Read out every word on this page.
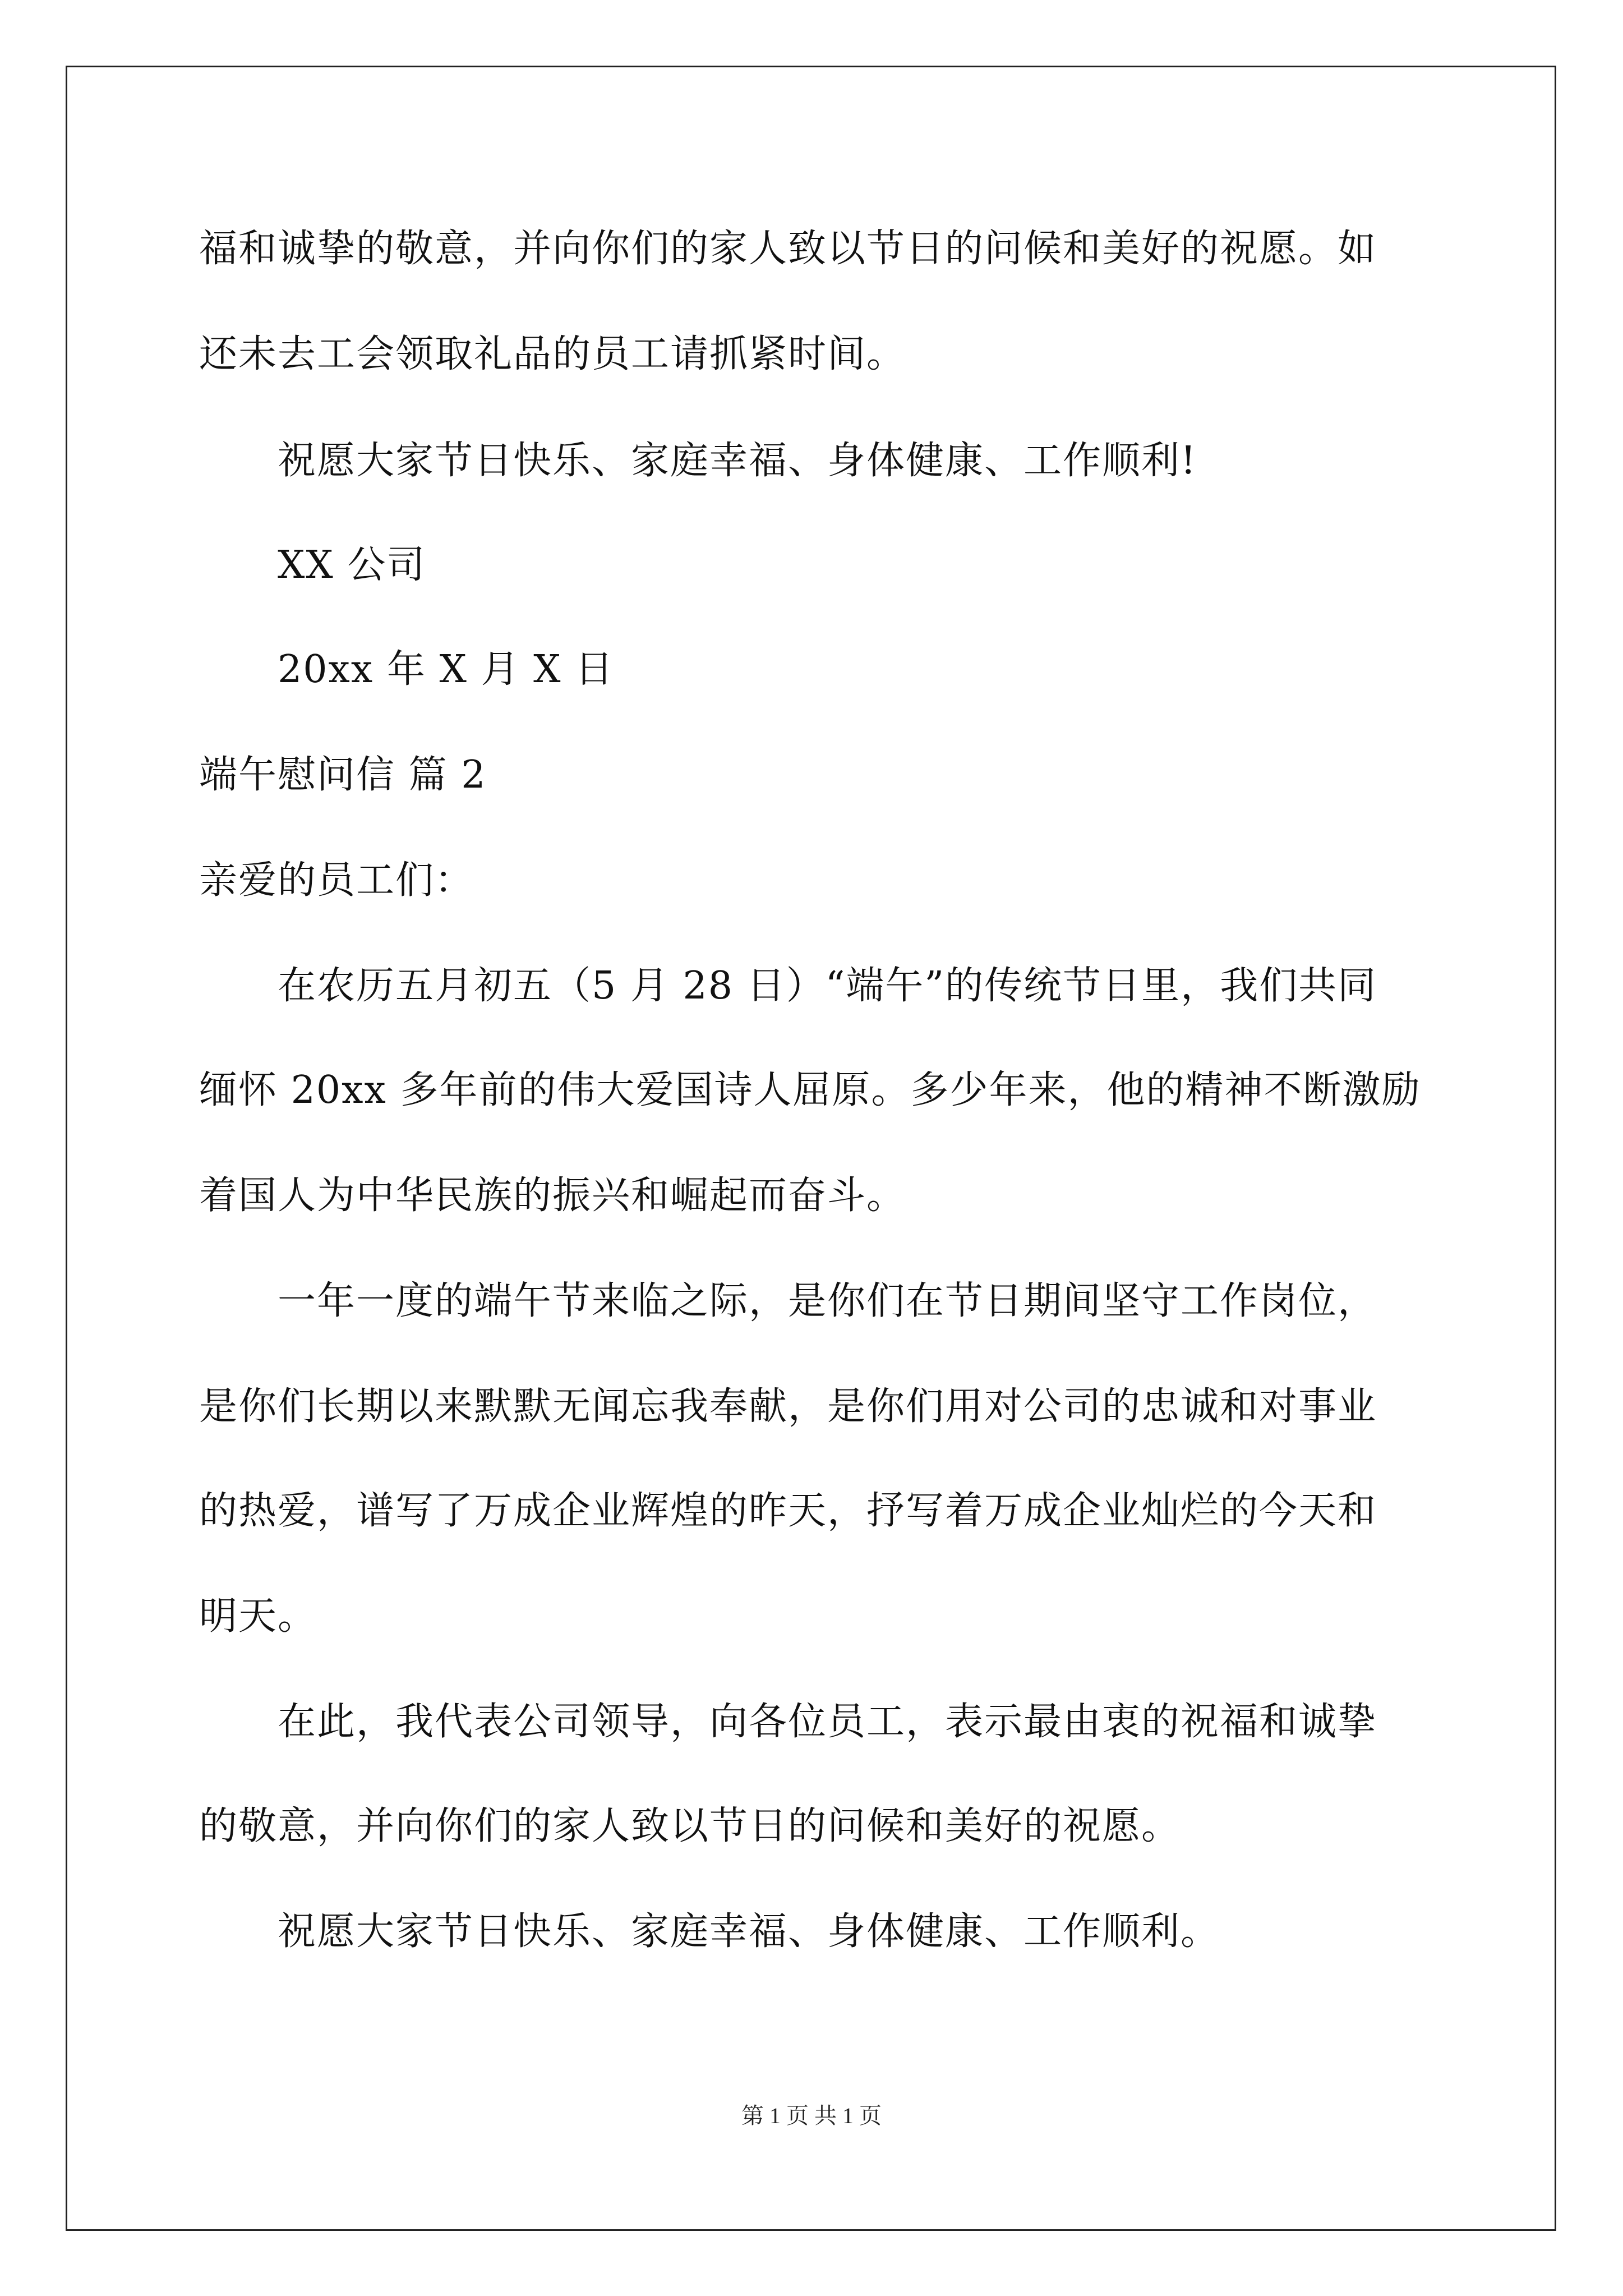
福和诚挚的敬意，并向你们的家人致以节日的问候和美好的祝愿。如
还未去工会领取礼品的员工请抓紧时间。
祝愿大家节日快乐、家庭幸福、身体健康、工作顺利!
XX 公司
20xx 年 X 月 X 日
端午慰问信 篇 2
亲爱的员工们：
在农历五月初五（5 月 28 日）“端午”的传统节日里，我们共同
缅怀 20xx 多年前的伟大爱国诗人屈原。多少年来，他的精神不断激励
着国人为中华民族的振兴和崛起而奋斗。
一年一度的端午节来临之际，是你们在节日期间坚守工作岗位，
是你们长期以来默默无闻忘我奉献，是你们用对公司的忠诚和对事业
的热爱，谱写了万成企业辉煌的昨天，抒写着万成企业灿烂的今天和
明天。
在此，我代表公司领导，向各位员工，表示最由衷的祝福和诚挚
的敬意，并向你们的家人致以节日的问候和美好的祝愿。
祝愿大家节日快乐、家庭幸福、身体健康、工作顺利。
第 1 页 共 1 页
